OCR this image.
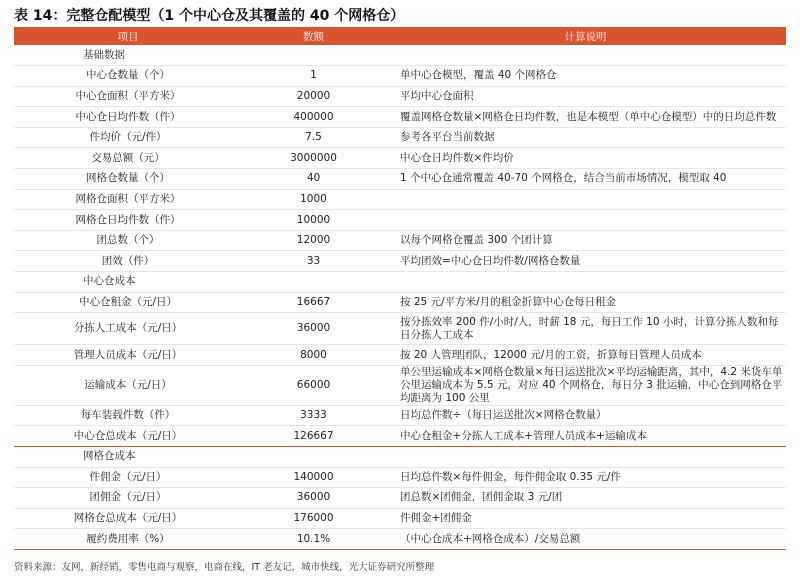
表 14：完整仓配模型（1 个中心仓及其覆盖的 40 个网格仓）
项目	数额	计算说明
基础数据		
中心仓数量（个）	1	单中心仓模型，覆盖 40 个网格仓
中心仓面积（平方米）	20000	平均中心仓面积
中心仓日均件数（件）	400000	覆盖网格仓数量×网格仓日均件数，也是本模型（单中心仓模型）中的日均总件数
件均价（元/件）	7.5	参考各平台当前数据
交易总额（元）	3000000	中心仓日均件数×件均价
网格仓数量（个）	40	1 个中心仓通常覆盖 40-70 个网格仓，结合当前市场情况，模型取 40
网格仓面积（平方米）	1000	
网格仓日均件数（件）	10000	
团总数（个）	12000	以每个网格仓覆盖 300 个团计算
团效（件）	33	平均团效=中心仓日均件数/网格仓数量
中心仓成本		
中心仓租金（元/日）	16667	按 25 元/平方米/月的租金折算中心仓每日租金
分拣人工成本（元/日）	36000	按分拣效率 200 件/小时/人，时薪 18 元，每日工作 10 小时，计算分拣人数和每日分拣人工成本
管理人员成本（元/日）	8000	按 20 人管理团队，12000 元/月的工资，折算每日管理人员成本
运输成本（元/日）	66000	单公里运输成本×网格仓数量×每日运送批次×平均运输距离，其中，4.2 米货车单公里运输成本为 5.5 元，对应 40 个网格仓，每日分 3 批运输，中心仓到网格仓平均距离为 100 公里
每车装载件数（件）	3333	日均总件数÷（每日运送批次×网格仓数量）
中心仓总成本（元/日）	126667	中心仓租金+分拣人工成本+管理人员成本+运输成本
网格仓成本		
件佣金（元/日）	140000	日均总件数×每件佣金，每件佣金取 0.35 元/件
团佣金（元/日）	36000	团总数×团佣金，团佣金取 3 元/团
网格仓总成本（元/日）	176000	件佣金+团佣金
履约费用率（%）	10.1%	（中心仓成本+网格仓成本）/交易总额
资料来源：友网，新经销，零售电商与观察，电商在线，IT 老友记，城市快线，光大证券研究所整理
